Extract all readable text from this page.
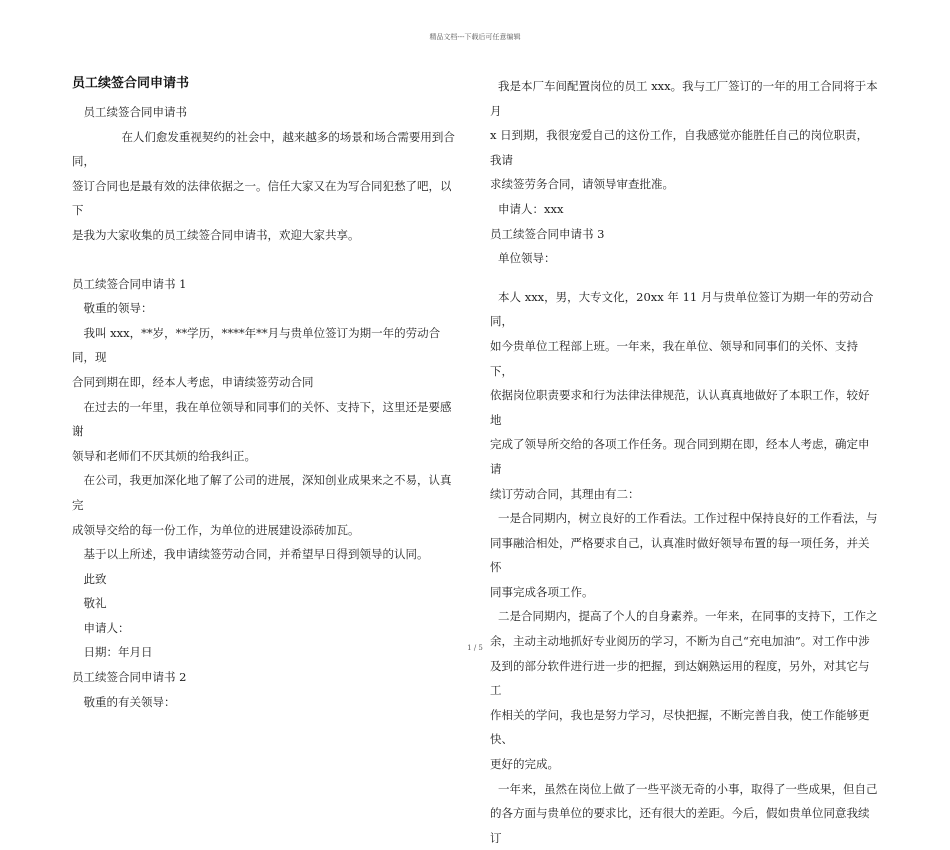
精品文档---下载后可任意编辑
员工续签合同申请书

员工续签合同申请书

在人们愈发重视契约的社会中，越来越多的场景和场合需要用到合同，

签订合同也是最有效的法律依据之一。信任大家又在为写合同犯愁了吧，以下

是我为大家收集的员工续签合同申请书，欢迎大家共享。

员工续签合同申请书 1

敬重的领导：

我叫 xxx，**岁，**学历，****年**月与贵单位签订为期一年的劳动合同，现

合同到期在即，经本人考虑，申请续签劳动合同

在过去的一年里，我在单位领导和同事们的关怀、支持下，这里还是要感谢

领导和老师们不厌其烦的给我纠正。

在公司，我更加深化地了解了公司的进展，深知创业成果来之不易，认真完

成领导交给的每一份工作，为单位的进展建设添砖加瓦。

基于以上所述，我申请续签劳动合同，并希望早日得到领导的认同。

此致

敬礼

申请人：

日期：年月日

员工续签合同申请书 2

敬重的有关领导：

我是本厂车间配置岗位的员工 xxx。我与工厂签订的一年的用工合同将于本月

x 日到期，我很宠爱自己的这份工作，自我感觉亦能胜任自己的岗位职责，我请

求续签劳务合同，请领导审查批准。

申请人：xxx

员工续签合同申请书 3

单位领导：

本人 xxx，男，大专文化，20xx 年 11 月与贵单位签订为期一年的劳动合同，

如今贵单位工程部上班。一年来，我在单位、领导和同事们的关怀、支持下，

依据岗位职责要求和行为法律法律规范，认认真真地做好了本职工作，较好地

完成了领导所交给的各项工作任务。现合同到期在即，经本人考虑，确定申请

续订劳动合同，其理由有二：

一是合同期内，树立良好的工作看法。工作过程中保持良好的工作看法，与

同事融洽相处，严格要求自己，认真准时做好领导布置的每一项任务，并关怀

同事完成各项工作。

二是合同期内，提高了个人的自身素养。一年来，在同事的支持下，工作之

余，主动主动地抓好专业阅历的学习，不断为自己“充电加油”。对工作中涉

及到的部分软件进行进一步的把握，到达娴熟运用的程度，另外，对其它与工

作相关的学问，我也是努力学习，尽快把握，不断完善自我，使工作能够更快、

更好的完成。

一年来，虽然在岗位上做了一些平淡无奇的小事，取得了一些成果，但自己

的各方面与贵单位的要求比，还有很大的差距。今后，假如贵单位同意我续订

1 / 5
